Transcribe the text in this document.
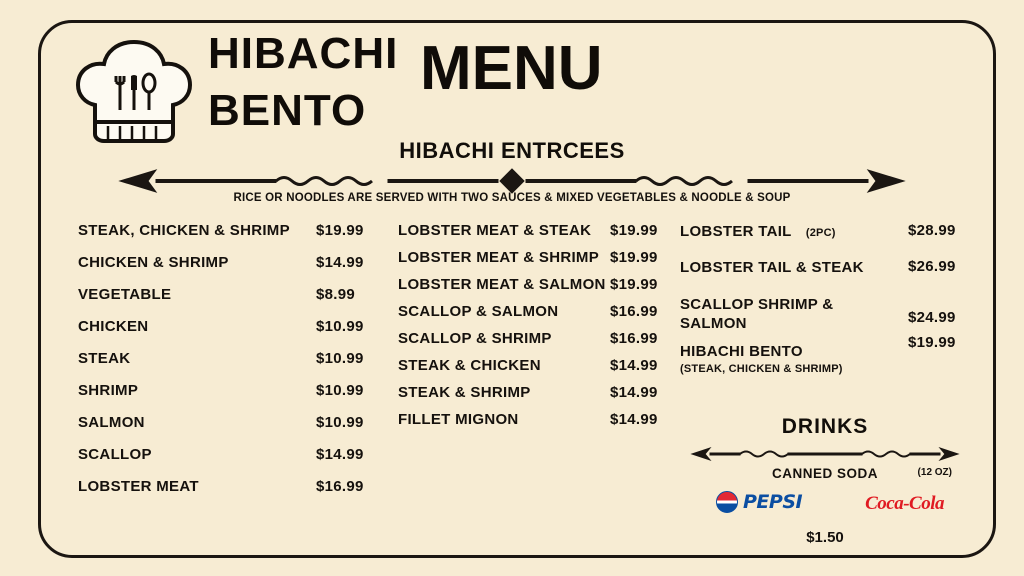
HIBACHI
BENTO
MENU
HIBACHI ENTRCEES
RICE OR NOODLES ARE SERVED WITH TWO SAUCES & MIXED VEGETABLES & NOODLE & SOUP
STEAK, CHICKEN & SHRIMP $19.99
CHICKEN & SHRIMP	$14.99
VEGETABLE	$8.99
CHICKEN	$10.99
STEAK	$10.99
SHRIMP	$10.99
SALMON	$10.99
SCALLOP	$14.99
LOBSTER MEAT	$16.99
LOBSTER MEAT & STEAK $19.99
LOBSTER MEAT & SHRIMP $19.99
LOBSTER MEAT & SALMON $19.99
SCALLOP & SALMON	$16.99
SCALLOP & SHRIMP	$16.99
STEAK & CHICKEN	$14.99
STEAK & SHRIMP	$14.99
FILLET MIGNON	$14.99
LOBSTER TAIL (2PC)	$28.99
LOBSTER TAIL & STEAK	$26.99
SCALLOP SHRIMP & SALMON	$24.99
HIBACHI BENTO
(STEAK, CHICKEN & SHRIMP)
$19.99
DRINKS
CANNED SODA	(12 OZ)
PEPSI	Coca-Cola
$1.50
